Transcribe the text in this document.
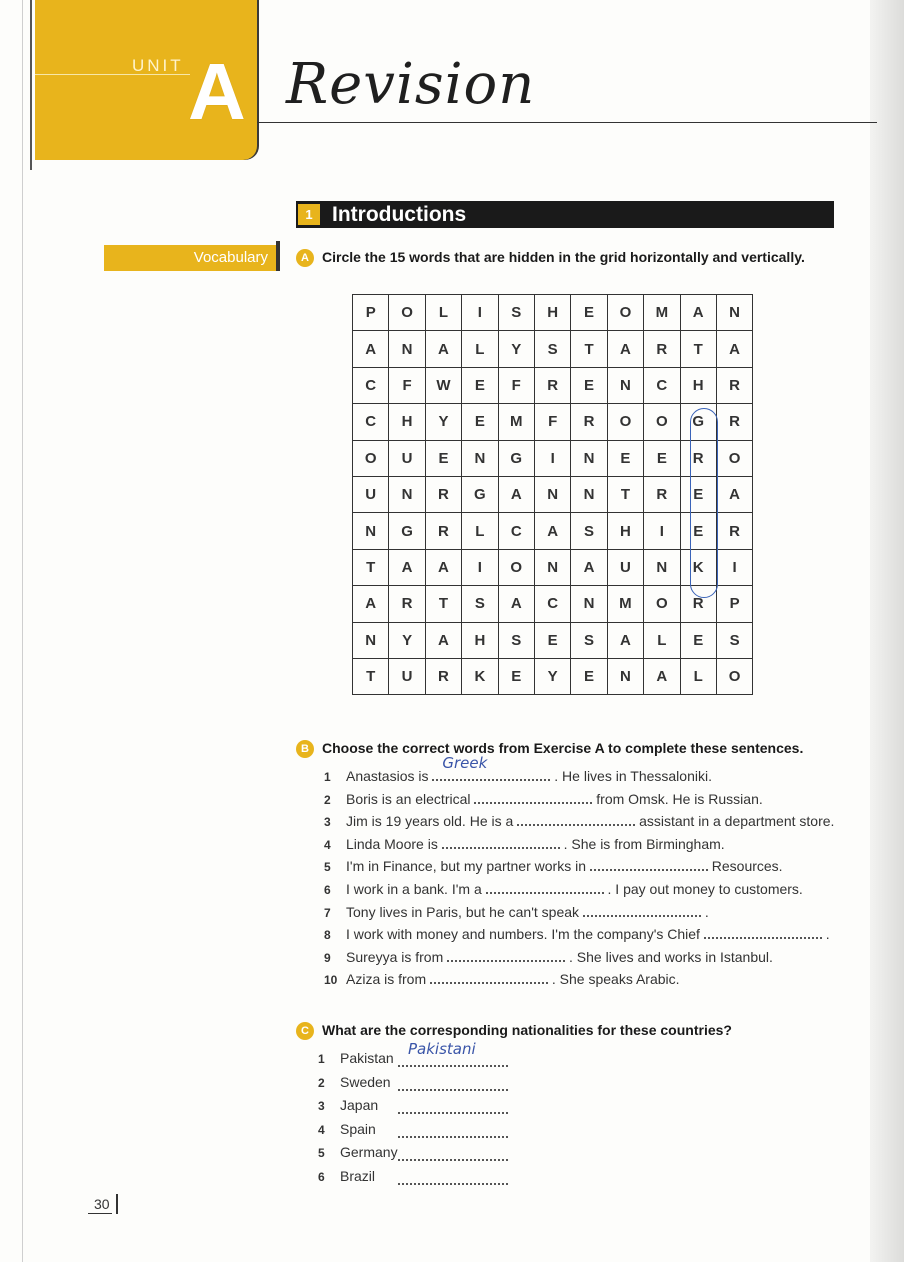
UNIT A Revision
1 Introductions
Vocabulary	A Circle the 15 words that are hidden in the grid horizontally and vertically.
P	O	L	I	S	H	E	O	M	A	N
A	N	A	L	Y	S	T	A	R	T	A
C	F	W	E	F	R	E	N	C	H	R
C	H	Y	E	M	F	R	O	O	G	R
O	U	E	N	G	I	N	E	E	R	O
U	N	R	G	A	N	N	T	R	E	A
N	G	R	L	C	A	S	H	I	E	R
T	A	A	I	O	N	A	U	N	K	I
A	R	T	S	A	C	N	M	O	R	P
N	Y	A	H	S	E	S	A	L	E	S
T	U	R	K	E	Y	E	N	A	L	O
B Choose the correct words from Exercise A to complete these sentences.
1 Anastasios is
Greek
. He lives in Thessaloniki.
2 Boris is an electrical	from Omsk. He is Russian.
3 Jim is 19 years old. He is a	assistant in a department store.
4 Linda Moore is	. She is from Birmingham.
5 I'm in Finance, but my partner works in	Resources.
6 I work in a bank. I'm a	. I pay out money to customers.
7 Tony lives in Paris, but he can't speak	.
8 I work with money and numbers. I'm the company's Chief	.
9 Sureyya is from	. She lives and works in Istanbul.
10 Aziza is from	. She speaks Arabic.
C What are the corresponding nationalities for these countries?
1 Pakistan Pakistani
2 Sweden
3 Japan
4 Spain
5 Germany
6 Brazil
30
